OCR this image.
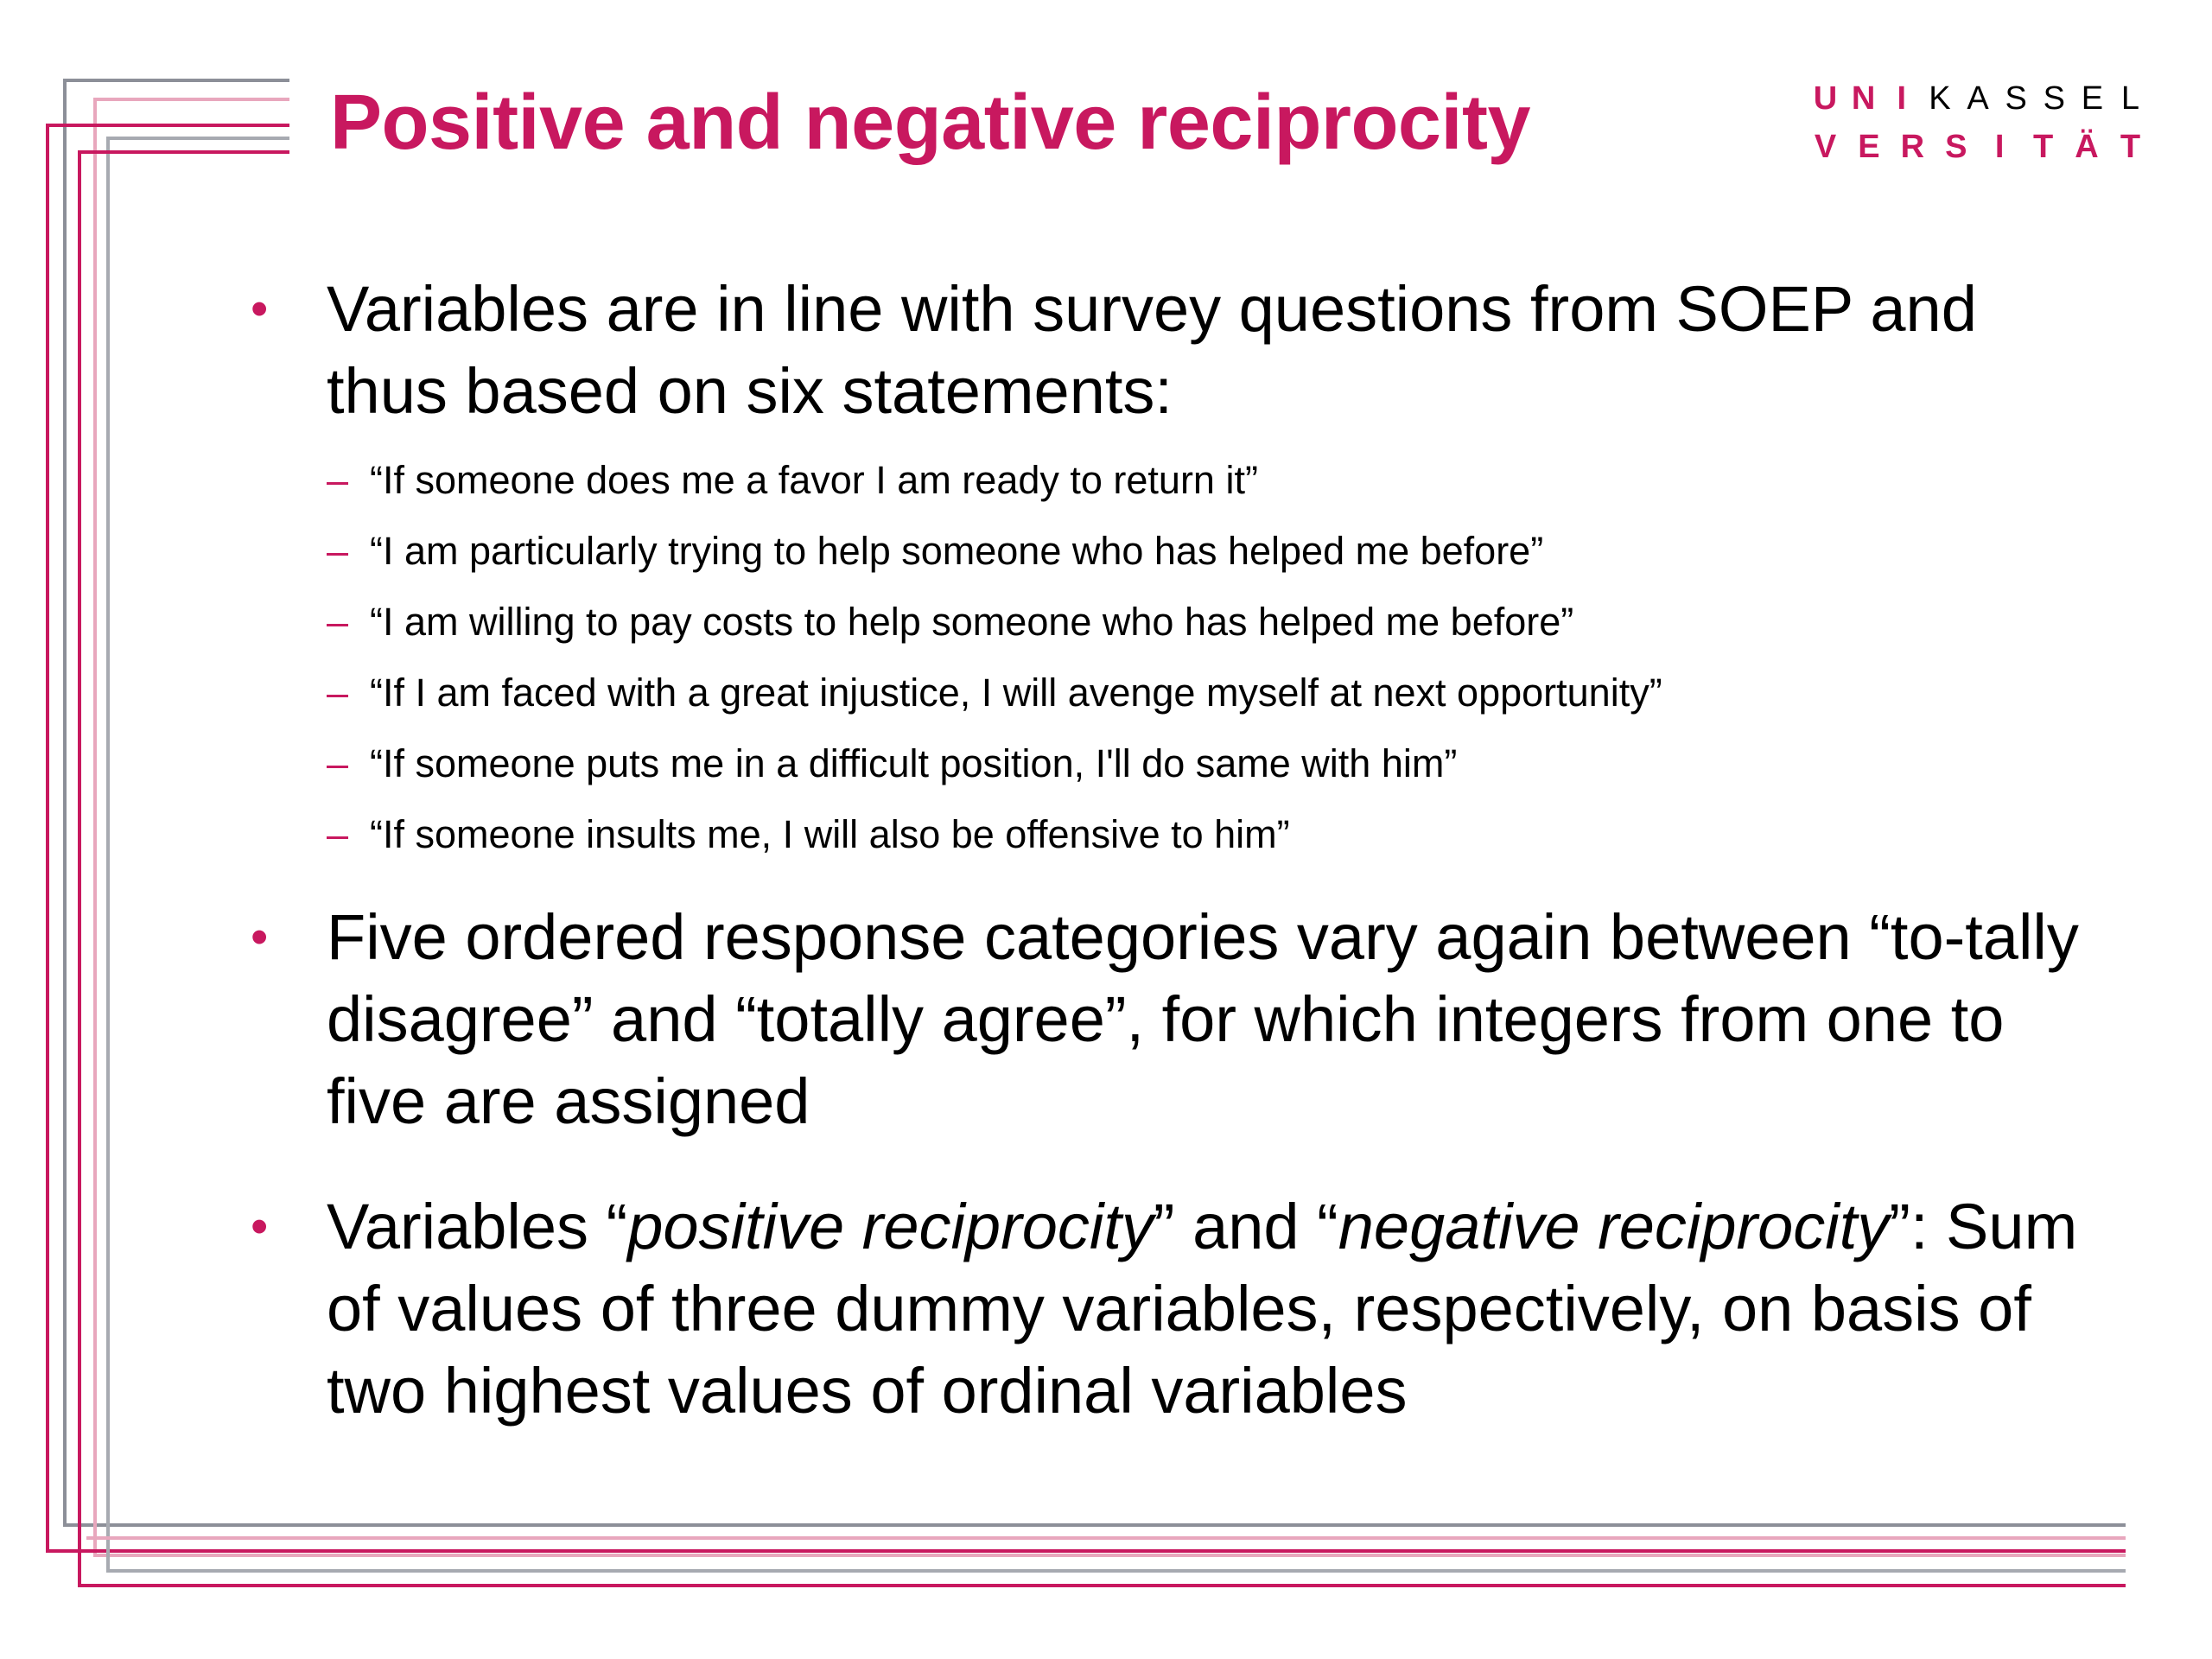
Positive and negative reciprocity	U N I K A S S E L
V E R S I T Ä T

• Variables are in line with survey questions from SOEP and thus based on six statements:

– “If someone does me a favor I am ready to return it”
– “I am particularly trying to help someone who has helped me before”
– “I am willing to pay costs to help someone who has helped me before”
– “If I am faced with a great injustice, I will avenge myself at next opportunity”
– “If someone puts me in a difficult position, I'll do same with him”
– “If someone insults me, I will also be offensive to him”

• Five ordered response categories vary again between “to-tally disagree” and “totally agree”, for which integers from one to five are assigned

• Variables “positive reciprocity” and “negative reciprocity”: Sum of values of three dummy variables, respectively, on basis of two highest values of ordinal variables
